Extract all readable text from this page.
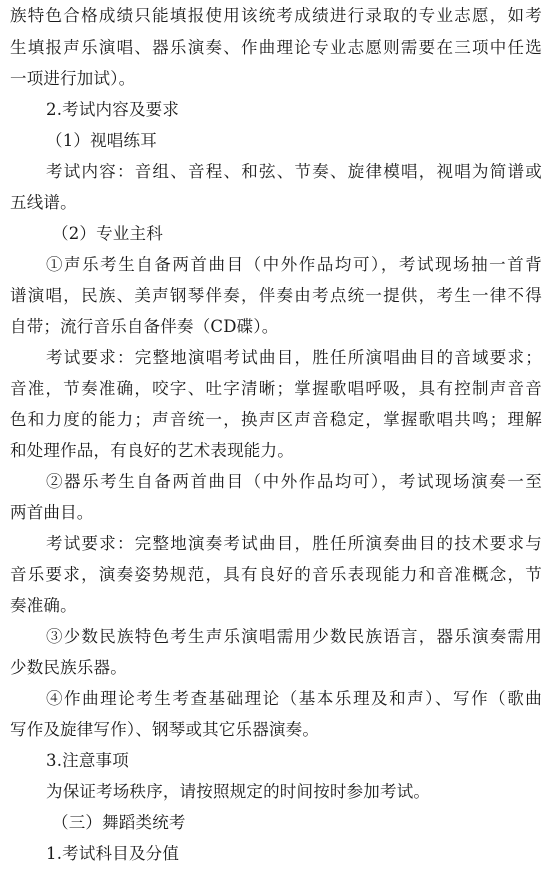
族特色合格成绩只能填报使用该统考成绩进行录取的专业志愿，如考
生填报声乐演唱、器乐演奏、作曲理论专业志愿则需要在三项中任选
一项进行加试）。
2.考试内容及要求
（1）视唱练耳
考试内容：音组、音程、和弦、节奏、旋律模唱，视唱为简谱或
五线谱。
（2）专业主科
①声乐考生自备两首曲目（中外作品均可），考试现场抽一首背
谱演唱，民族、美声钢琴伴奏，伴奏由考点统一提供，考生一律不得
自带；流行音乐自备伴奏（CD碟）。
考试要求：完整地演唱考试曲目，胜任所演唱曲目的音域要求；
音准，节奏准确，咬字、吐字清晰；掌握歌唱呼吸，具有控制声音音
色和力度的能力；声音统一，换声区声音稳定，掌握歌唱共鸣；理解
和处理作品，有良好的艺术表现能力。
②器乐考生自备两首曲目（中外作品均可），考试现场演奏一至
两首曲目。
考试要求：完整地演奏考试曲目，胜任所演奏曲目的技术要求与
音乐要求，演奏姿势规范，具有良好的音乐表现能力和音准概念，节
奏准确。
③少数民族特色考生声乐演唱需用少数民族语言，器乐演奏需用
少数民族乐器。
④作曲理论考生考查基础理论（基本乐理及和声）、写作（歌曲
写作及旋律写作）、钢琴或其它乐器演奏。
3.注意事项
为保证考场秩序，请按照规定的时间按时参加考试。
（三）舞蹈类统考
1.考试科目及分值
